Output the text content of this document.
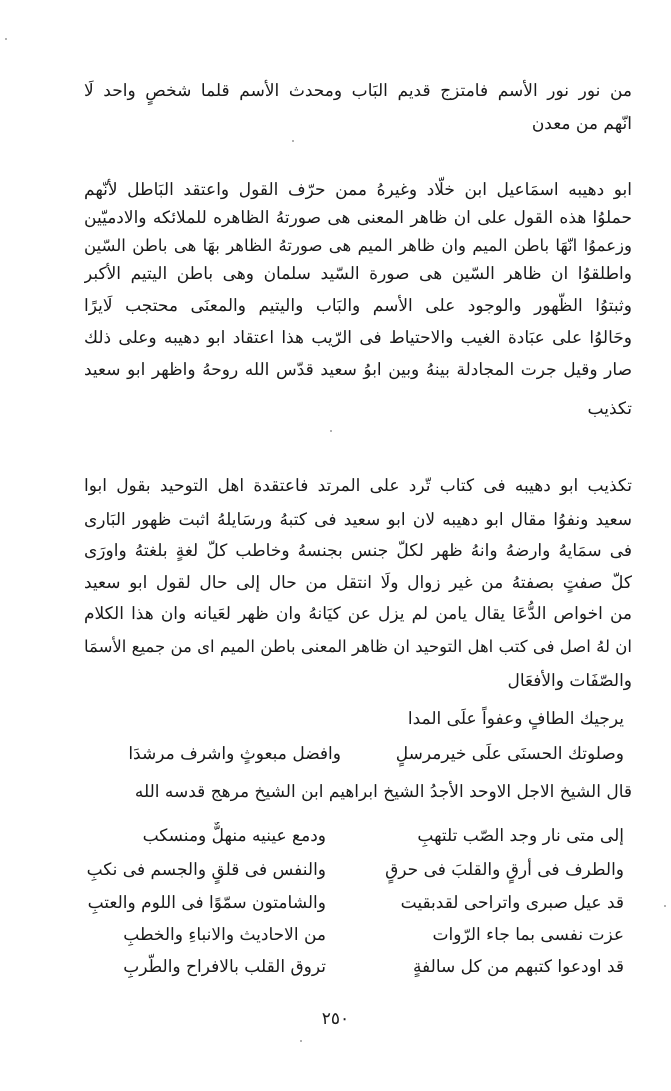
من نور نور الأسم فامتزج قديم البَاب ومحدث الأسم قلما شخصٍ واحد لَا
انّهم من معدن
ابو دهيبه اسمَاعيل ابن خلّاد وغيرهُ ممن حرّف القول واعتقد البَاطل لأنّهم
حملوُا هذه القول على ان ظاهر المعنى هى صورتهُ الظاهره للملائكه والادميّين
وزعموُا انّهَا باطن الميم وان ظاهر الميم هى صورتهُ الظاهر بهَا هى باطن السّين
واطلقوُا ان ظاهر السّين هى صورة السّيد سلمان وهى باطن اليتيم الأكبر
وثبتوُا الظّهور والوجود على الأسم والبَاب واليتيم والمعنَى محتجب لَايرًا
وحَالوُا على عبَادة الغيب والاحتياط فى الرّيب هذا اعتقاد ابو دهيبه وعلى ذلك
صار وقيل جرت المجادلة بينهُ وبين ابوُ سعيد قدّس الله روحهُ واظهر ابو سعيد
تكذيب
تكذيب ابو دهيبه فى كتاب تّرد على المرتد فاعتقدة اهل التوحيد بقول ابوا
سعيد ونفوُا مقال ابو دهيبه لان ابو سعيد فى كتبهُ ورسَايلهُ اثبت ظهور البَارى
فى سمَايهُ وارضهُ وانهُ ظهر لكلّ جنس بجنسهُ وخاطب كلّ لغةٍ بلغتهُ واورَى
كلّ صفتٍ بصفتهُ من غير زوال ولَا انتقل من حال إلى حال لقول ابو سعيد
من اخواص الدُّعَا يقال يامن لم يزل عن كيَانهُ وان ظهر لعَيانه وان هذا الكلام
ان لهُ اصل فى كتب اهل التوحيد ان ظاهر المعنى باطن الميم اى من جميع الأسمَا
والصّفَات والأفعَال
يرجيك الطافٍ وعفواً علَى المدا
وصلوتك الحسنَى علَى خيرمرسلٍ
وافضل مبعوثٍ واشرف مرشدَا
قال الشيخ الاجل الاوحد الأجدُ الشيخ ابراهيم ابن الشيخ مرهج قدسه الله
إلى متى نار وجد الصّب تلتهبِ
ودمع عينيه منهلٌّ ومنسكب
والطرف فى أرقٍ والقلبَ فى حرقٍ
والنفس فى قلقٍ والجسم فى نكبِ
قد عيل صبرى واتراحى لقدبقيت
والشامتون سمّوًا فى اللوم والعتبِ
عزت نفسى بما جاء الرّوات
من الاحاديث والانباءِ والخطبِ
قد اودعوا كتبهم من كل سالفةٍ
تروق القلب بالافراح والطّربِ
٢٥٠
